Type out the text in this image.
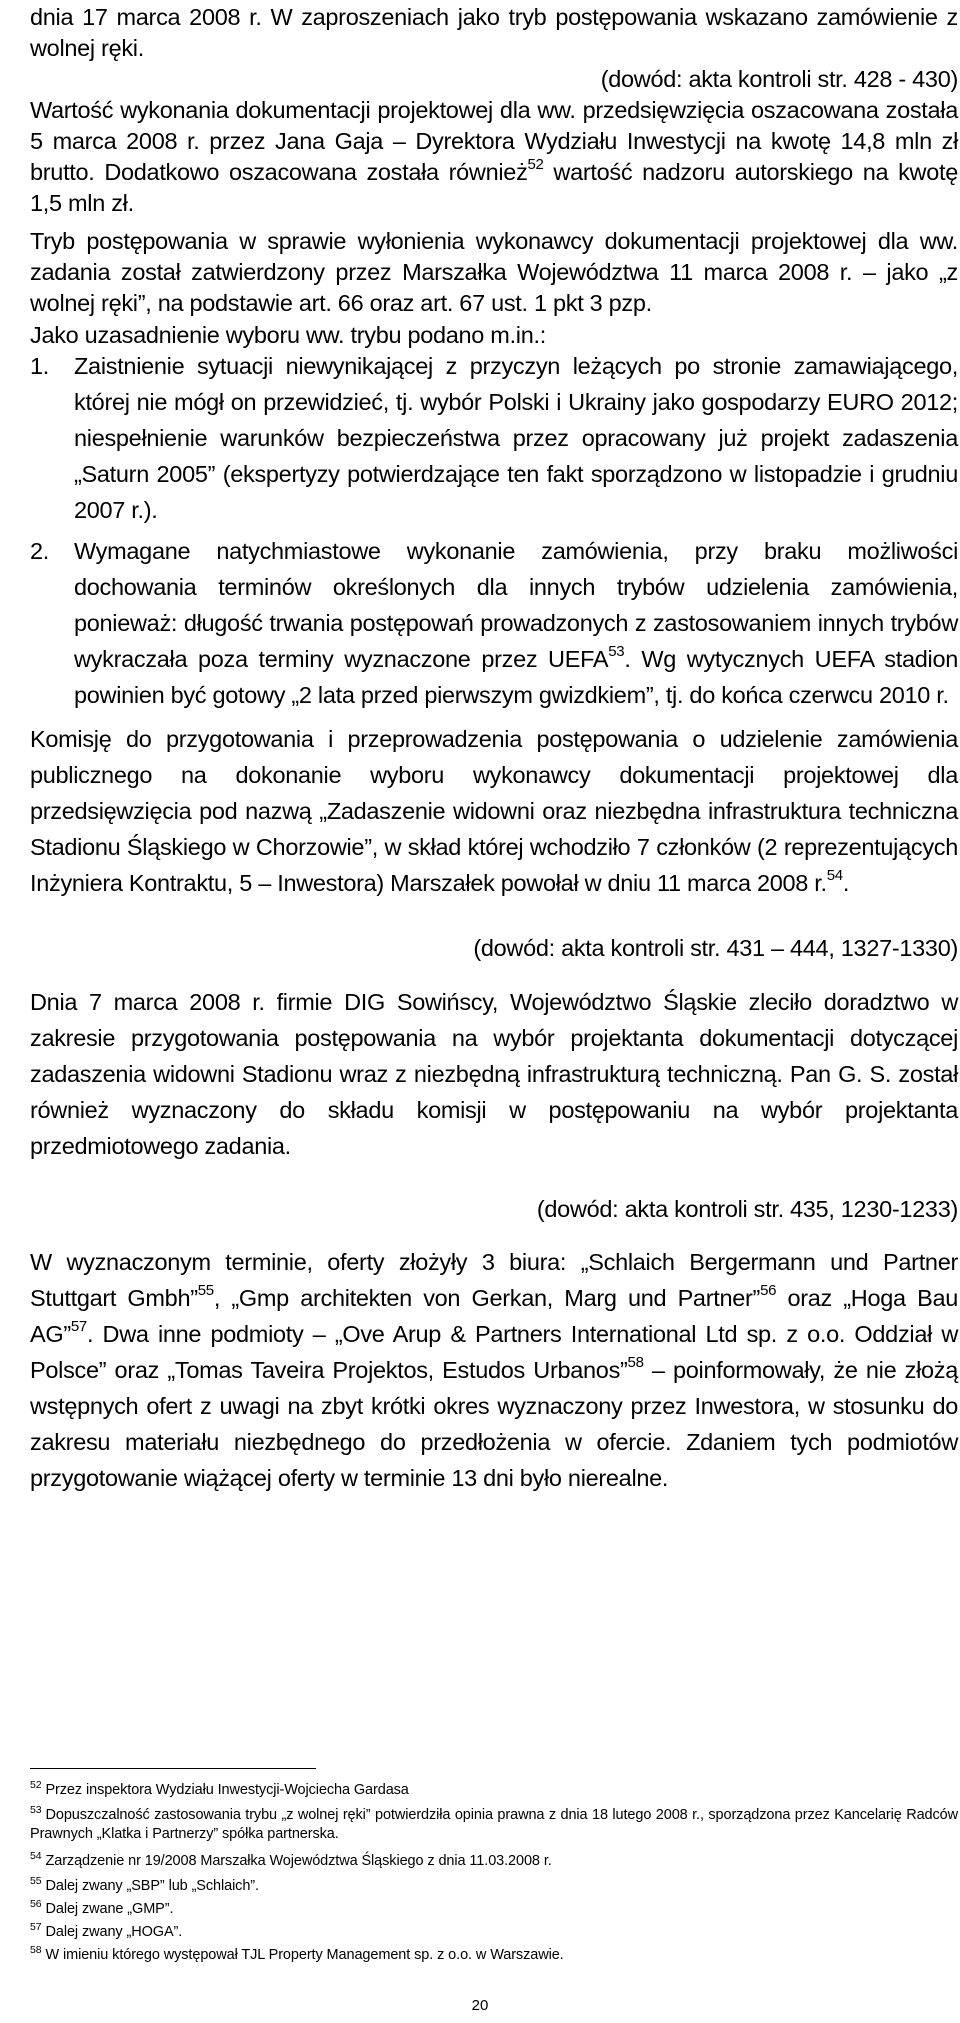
dnia 17 marca 2008 r. W zaproszeniach jako tryb postępowania wskazano zamówienie z wolnej ręki.

(dowód: akta kontroli str. 428 - 430)

Wartość wykonania dokumentacji projektowej dla ww. przedsięwzięcia oszacowana została 5 marca 2008 r. przez Jana Gaja – Dyrektora Wydziału Inwestycji na kwotę 14,8 mln zł brutto. Dodatkowo oszacowana została również$^{52}$ wartość nadzoru autorskiego na kwotę 1,5 mln zł.

Tryb postępowania w sprawie wyłonienia wykonawcy dokumentacji projektowej dla ww. zadania został zatwierdzony przez Marszałka Województwa 11 marca 2008 r. – jako „z wolnej ręki”, na podstawie art. 66 oraz art. 67 ust. 1 pkt 3 pzp.

Jako uzasadnienie wyboru ww. trybu podano m.in.:

1. Zaistnienie sytuacji niewynikającej z przyczyn leżących po stronie zamawiającego, której nie mógł on przewidzieć, tj. wybór Polski i Ukrainy jako gospodarzy EURO 2012; niespełnienie warunków bezpieczeństwa przez opracowany już projekt zadaszenia „Saturn 2005” (ekspertyzy potwierdzające ten fakt sporządzono w listopadzie i grudniu 2007 r.).
2. Wymagane natychmiastowe wykonanie zamówienia, przy braku możliwości dochowania terminów określonych dla innych trybów udzielenia zamówienia, ponieważ: długość trwania postępowań prowadzonych z zastosowaniem innych trybów wykraczała poza terminy wyznaczone przez UEFA$^{53}$. Wg wytycznych UEFA stadion powinien być gotowy „2 lata przed pierwszym gwizdkiem”, tj. do końca czerwcu 2010 r.

Komisję do przygotowania i przeprowadzenia postępowania o udzielenie zamówienia publicznego na dokonanie wyboru wykonawcy dokumentacji projektowej dla przedsięwzięcia pod nazwą „Zadaszenie widowni oraz niezbędna infrastruktura techniczna Stadionu Śląskiego w Chorzowie”, w skład której wchodziło 7 członków (2 reprezentujących Inżyniera Kontraktu, 5 – Inwestora) Marszałek powołał w dniu 11 marca 2008 r.$^{54}$.

(dowód: akta kontroli str. 431 – 444, 1327-1330)

Dnia 7 marca 2008 r. firmie DIG Sowińscy, Województwo Śląskie zleciło doradztwo w zakresie przygotowania postępowania na wybór projektanta dokumentacji dotyczącej zadaszenia widowni Stadionu wraz z niezbędną infrastrukturą techniczną. Pan G. S. został również wyznaczony do składu komisji w postępowaniu na wybór projektanta przedmiotowego zadania.

(dowód: akta kontroli str. 435, 1230-1233)

W wyznaczonym terminie, oferty złożyły 3 biura: „Schlaich Bergermann und Partner Stuttgart Gmbh”$^{55}$, „Gmp architekten von Gerkan, Marg und Partner”$^{56}$ oraz „Hoga Bau AG”$^{57}$. Dwa inne podmioty – „Ove Arup & Partners International Ltd sp. z o.o. Oddział w Polsce” oraz „Tomas Taveira Projektos, Estudos Urbanos”$^{58}$ – poinformowały, że nie złożą wstępnych ofert z uwagi na zbyt krótki okres wyznaczony przez Inwestora, w stosunku do zakresu materiału niezbędnego do przedłożenia w ofercie. Zdaniem tych podmiotów przygotowanie wiążącej oferty w terminie 13 dni było nierealne.

$^{52}$ Przez inspektora Wydziału Inwestycji-Wojciecha Gardasa
$^{53}$ Dopuszczalność zastosowania trybu „z wolnej ręki” potwierdziła opinia prawna z dnia 18 lutego 2008 r., sporządzona przez Kancelarię Radców Prawnych „Klatka i Partnerzy” spółka partnerska.
$^{54}$ Zarządzenie nr 19/2008 Marszałka Województwa Śląskiego z dnia 11.03.2008 r.
$^{55}$ Dalej zwany „SBP” lub „Schlaich”.
$^{56}$ Dalej zwane „GMP”.
$^{57}$ Dalej zwany „HOGA”.
$^{58}$ W imieniu którego występował TJL Property Management sp. z o.o. w Warszawie.
20
